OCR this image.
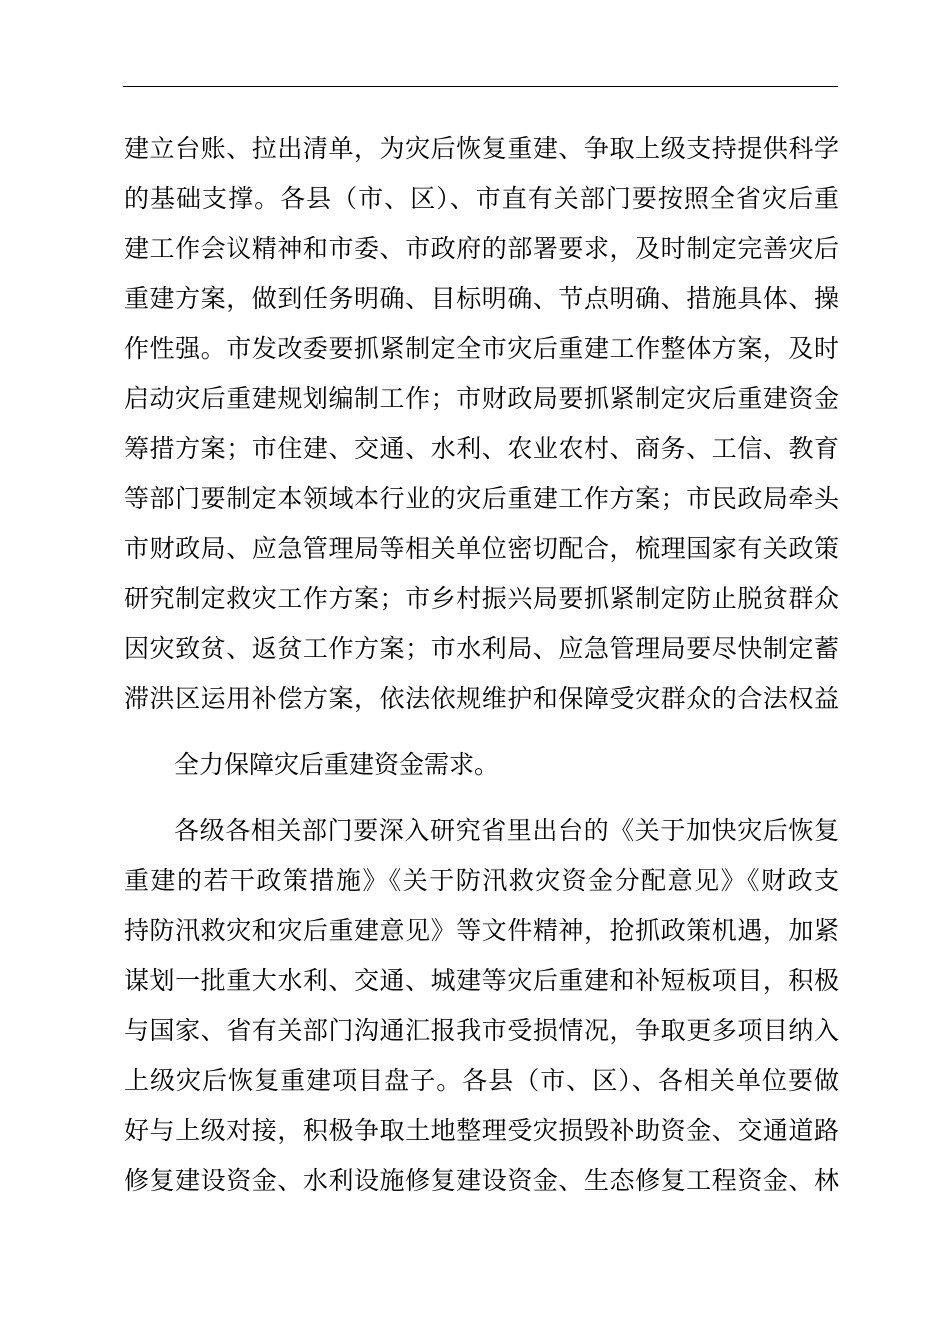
建立台账、拉出清单，为灾后恢复重建、争取上级支持提供科学
的基础支撑。各县（市、区）、市直有关部门要按照全省灾后重
建工作会议精神和市委、市政府的部署要求，及时制定完善灾后
重建方案，做到任务明确、目标明确、节点明确、措施具体、操
作性强。市发改委要抓紧制定全市灾后重建工作整体方案，及时
启动灾后重建规划编制工作；市财政局要抓紧制定灾后重建资金
筹措方案；市住建、交通、水利、农业农村、商务、工信、教育
等部门要制定本领域本行业的灾后重建工作方案；市民政局牵头
市财政局、应急管理局等相关单位密切配合，梳理国家有关政策
研究制定救灾工作方案；市乡村振兴局要抓紧制定防止脱贫群众
因灾致贫、返贫工作方案；市水利局、应急管理局要尽快制定蓄
滞洪区运用补偿方案，依法依规维护和保障受灾群众的合法权益
全力保障灾后重建资金需求。
各级各相关部门要深入研究省里出台的《关于加快灾后恢复
重建的若干政策措施》《关于防汛救灾资金分配意见》《财政支
持防汛救灾和灾后重建意见》等文件精神，抢抓政策机遇，加紧
谋划一批重大水利、交通、城建等灾后重建和补短板项目，积极
与国家、省有关部门沟通汇报我市受损情况，争取更多项目纳入
上级灾后恢复重建项目盘子。各县（市、区）、各相关单位要做
好与上级对接，积极争取土地整理受灾损毁补助资金、交通道路
修复建设资金、水利设施修复建设资金、生态修复工程资金、林
